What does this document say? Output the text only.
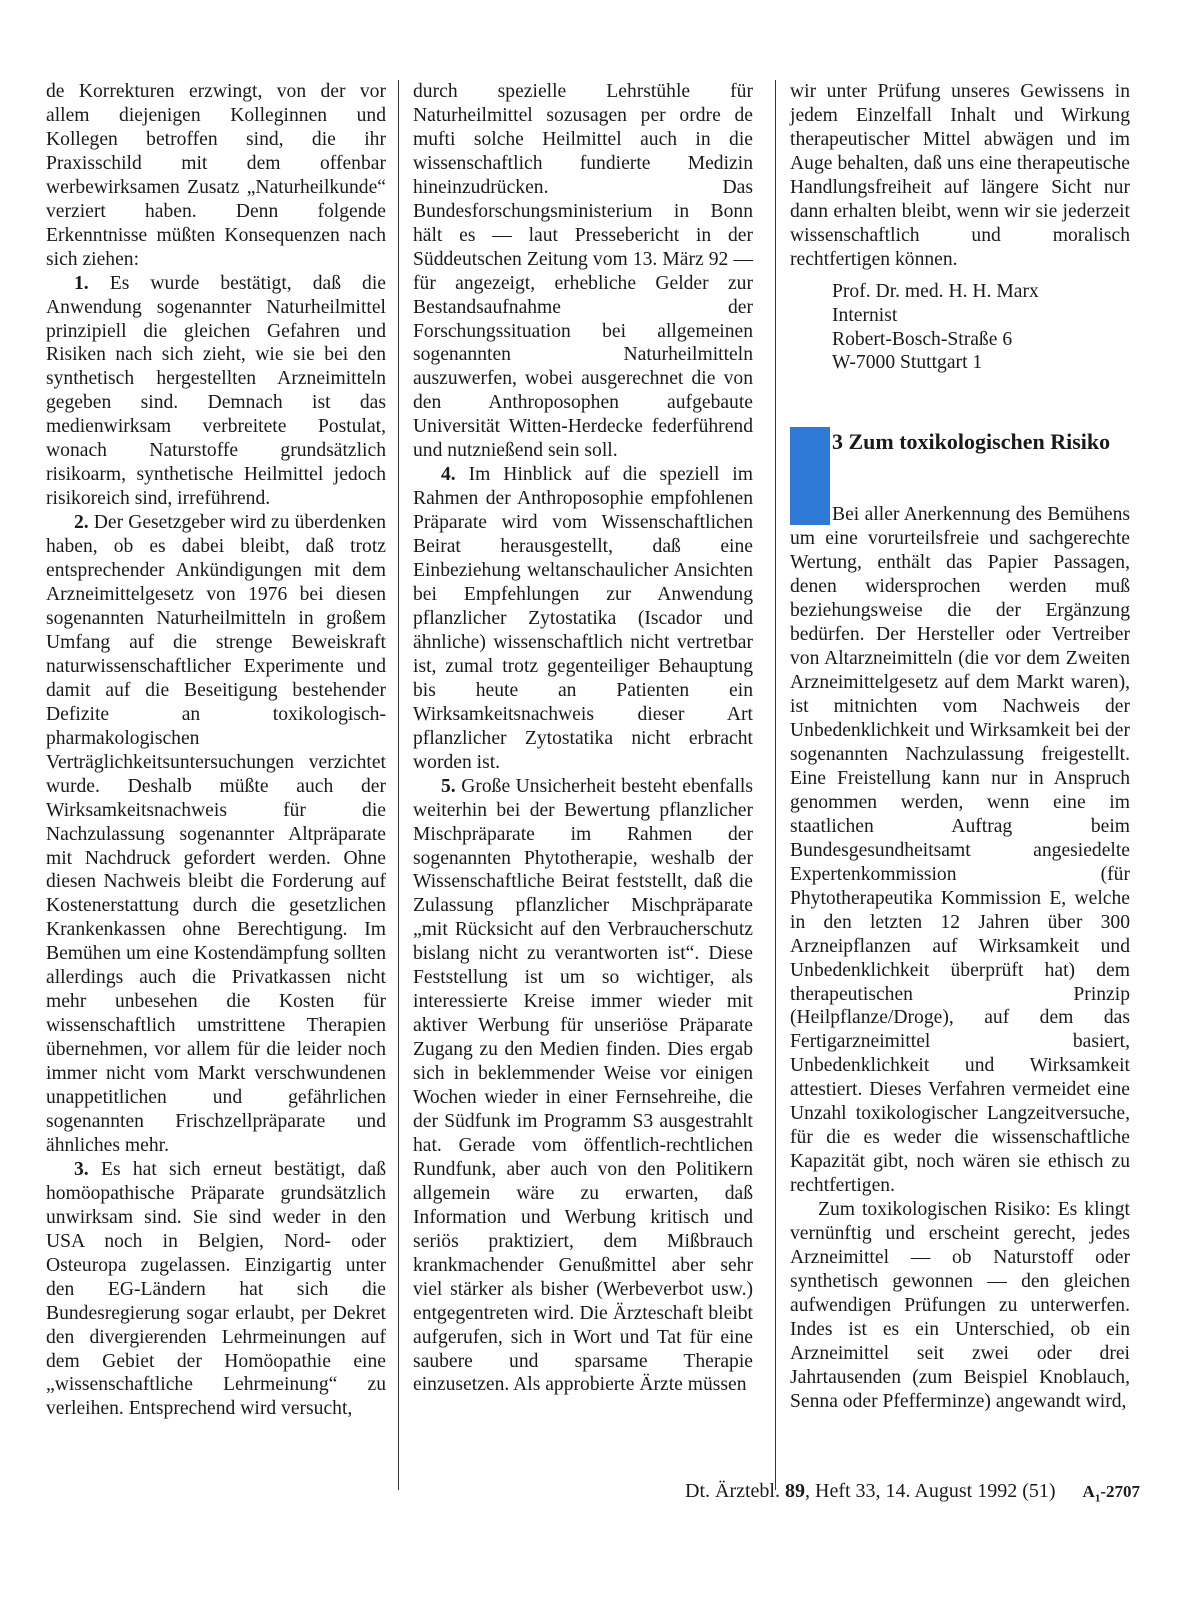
de Korrekturen erzwingt, von der vor allem diejenigen Kolleginnen und Kollegen betroffen sind, die ihr Praxisschild mit dem offenbar werbewirksamen Zusatz „Naturheilkunde“ verziert haben. Denn folgende Erkenntnisse müßten Konsequenzen nach sich ziehen:

1. Es wurde bestätigt, daß die Anwendung sogenannter Naturheilmittel prinzipiell die gleichen Gefahren und Risiken nach sich zieht, wie sie bei den synthetisch hergestellten Arzneimitteln gegeben sind. Demnach ist das medienwirksam verbreitete Postulat, wonach Naturstoffe grundsätzlich risikoarm, synthetische Heilmittel jedoch risikoreich sind, irreführend.

2. Der Gesetzgeber wird zu überdenken haben, ob es dabei bleibt, daß trotz entsprechender Ankündigungen mit dem Arzneimittelgesetz von 1976 bei diesen sogenannten Naturheilmitteln in großem Umfang auf die strenge Beweiskraft naturwissenschaftlicher Experimente und damit auf die Beseitigung bestehender Defizite an toxikologisch-pharmakologischen Verträglichkeitsuntersuchungen verzichtet wurde. Deshalb müßte auch der Wirksamkeitsnachweis für die Nachzulassung sogenannter Altpräparate mit Nachdruck gefordert werden. Ohne diesen Nachweis bleibt die Forderung auf Kostenerstattung durch die gesetzlichen Krankenkassen ohne Berechtigung. Im Bemühen um eine Kostendämpfung sollten allerdings auch die Privatkassen nicht mehr unbesehen die Kosten für wissenschaftlich umstrittene Therapien übernehmen, vor allem für die leider noch immer nicht vom Markt verschwundenen unappetitlichen und gefährlichen sogenannten Frischzellpräparate und ähnliches mehr.

3. Es hat sich erneut bestätigt, daß homöopathische Präparate grundsätzlich unwirksam sind. Sie sind weder in den USA noch in Belgien, Nord- oder Osteuropa zugelassen. Einzigartig unter den EG-Ländern hat sich die Bundesregierung sogar erlaubt, per Dekret den divergierenden Lehrmeinungen auf dem Gebiet der Homöopathie eine „wissenschaftliche Lehrmeinung“ zu verleihen. Entsprechend wird versucht,

durch spezielle Lehrstühle für Naturheilmittel sozusagen per ordre de mufti solche Heilmittel auch in die wissenschaftlich fundierte Medizin hineinzudrücken. Das Bundesforschungsministerium in Bonn hält es — laut Pressebericht in der Süddeutschen Zeitung vom 13. März 92 — für angezeigt, erhebliche Gelder zur Bestandsaufnahme der Forschungssituation bei allgemeinen sogenannten Naturheilmitteln auszuwerfen, wobei ausgerechnet die von den Anthroposophen aufgebaute Universität Witten-Herdecke federführend und nutznießend sein soll.

4. Im Hinblick auf die speziell im Rahmen der Anthroposophie empfohlenen Präparate wird vom Wissenschaftlichen Beirat herausgestellt, daß eine Einbeziehung weltanschaulicher Ansichten bei Empfehlungen zur Anwendung pflanzlicher Zytostatika (Iscador und ähnliche) wissenschaftlich nicht vertretbar ist, zumal trotz gegenteiliger Behauptung bis heute an Patienten ein Wirksamkeitsnachweis dieser Art pflanzlicher Zytostatika nicht erbracht worden ist.

5. Große Unsicherheit besteht ebenfalls weiterhin bei der Bewertung pflanzlicher Mischpräparate im Rahmen der sogenannten Phytotherapie, weshalb der Wissenschaftliche Beirat feststellt, daß die Zulassung pflanzlicher Mischpräparate „mit Rücksicht auf den Verbraucherschutz bislang nicht zu verantworten ist“. Diese Feststellung ist um so wichtiger, als interessierte Kreise immer wieder mit aktiver Werbung für unseriöse Präparate Zugang zu den Medien finden. Dies ergab sich in beklemmender Weise vor einigen Wochen wieder in einer Fernsehreihe, die der Südfunk im Programm S3 ausgestrahlt hat. Gerade vom öffentlich-rechtlichen Rundfunk, aber auch von den Politikern allgemein wäre zu erwarten, daß Information und Werbung kritisch und seriös praktiziert, dem Mißbrauch krankmachender Genußmittel aber sehr viel stärker als bisher (Werbeverbot usw.) entgegentreten wird. Die Ärzteschaft bleibt aufgerufen, sich in Wort und Tat für eine saubere und sparsame Therapie einzusetzen. Als approbierte Ärzte müssen

wir unter Prüfung unseres Gewissens in jedem Einzelfall Inhalt und Wirkung therapeutischer Mittel abwägen und im Auge behalten, daß uns eine therapeutische Handlungsfreiheit auf längere Sicht nur dann erhalten bleibt, wenn wir sie jederzeit wissenschaftlich und moralisch rechtfertigen können.

Prof. Dr. med. H. H. Marx

Internist

Robert-Bosch-Straße 6

W-7000 Stuttgart 1

3 Zum toxikologischen Risiko

Bei aller Anerkennung des Bemühens um eine vorurteilsfreie und sachgerechte Wertung, enthält das Papier Passagen, denen widersprochen werden muß beziehungsweise die der Ergänzung bedürfen. Der Hersteller oder Vertreiber von Altarzneimitteln (die vor dem Zweiten Arzneimittelgesetz auf dem Markt waren), ist mitnichten vom Nachweis der Unbedenklichkeit und Wirksamkeit bei der sogenannten Nachzulassung freigestellt. Eine Freistellung kann nur in Anspruch genommen werden, wenn eine im staatlichen Auftrag beim Bundesgesundheitsamt angesiedelte Expertenkommission (für Phytotherapeutika Kommission E, welche in den letzten 12 Jahren über 300 Arzneipflanzen auf Wirksamkeit und Unbedenklichkeit überprüft hat) dem therapeutischen Prinzip (Heilpflanze/Droge), auf dem das Fertigarzneimittel basiert, Unbedenklichkeit und Wirksamkeit attestiert. Dieses Verfahren vermeidet eine Unzahl toxikologischer Langzeitversuche, für die es weder die wissenschaftliche Kapazität gibt, noch wären sie ethisch zu rechtfertigen.

Zum toxikologischen Risiko: Es klingt vernünftig und erscheint gerecht, jedes Arzneimittel — ob Naturstoff oder synthetisch gewonnen — den gleichen aufwendigen Prüfungen zu unterwerfen. Indes ist es ein Unterschied, ob ein Arzneimittel seit zwei oder drei Jahrtausenden (zum Beispiel Knoblauch, Senna oder Pfefferminze) angewandt wird,

Dt. Ärztebl. 89, Heft 33, 14. August 1992 (51) $A_1-2707$
